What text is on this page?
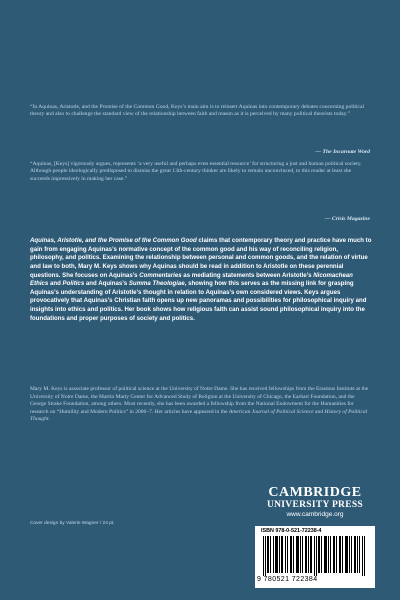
“In Aquinas, Aristotle, and the Promise of the Common Good, Keys’s main aim is to reinsert Aquinas into contemporary debates concerning political theory and also to challenge the standard view of the relationship between faith and reason as it is perceived by many political theorists today.”

— The Incarnate Word

“Aquinas, [Keys] vigorously argues, represents ‘a very useful and perhaps even essential resource’ for structuring a just and human political society. Although people ideologically predisposed to dismiss the great 13th-century thinker are likely to remain unconvinced, to this reader at least she succeeds impressively in making her case.”

— Crisis Magazine

Aquinas, Aristotle, and the Promise of the Common Good claims that contemporary theory and practice have much to gain from engaging Aquinas’s normative concept of the common good and his way of reconciling religion, philosophy, and politics. Examining the relationship between personal and common goods, and the relation of virtue and law to both, Mary M. Keys shows why Aquinas should be read in addition to Aristotle on these perennial questions. She focuses on Aquinas’s Commentaries as mediating statements between Aristotle’s Nicomachean Ethics and Politics and Aquinas’s Summa Theologiae, showing how this serves as the missing link for grasping Aquinas’s understanding of Aristotle’s thought in relation to Aquinas’s own considered views. Keys argues provocatively that Aquinas’s Christian faith opens up new panoramas and possibilities for philosophical inquiry and insights into ethics and politics. Her book shows how religious faith can assist sound philosophical inquiry into the foundations and proper purposes of society and politics.

Mary M. Keys is associate professor of political science at the University of Notre Dame. She has received fellowships from the Erasmus Institute at the University of Notre Dame, the Martin Marty Center for Advanced Study of Religion at the University of Chicago, the Earhart Foundation, and the George Strake Foundation, among others. Most recently, she has been awarded a fellowship from the National Endowment for the Humanities for research on “Humility and Modern Politics” in 2006–7. Her articles have appeared in the American Journal of Political Science and History of Political Thought.

CAMBRIDGE
UNIVERSITY PRESS
www.cambridge.org
Cover design by Valerie Wagner / 24 pt.
ISBN 978-0-521-72238-4
9 780521 722384
